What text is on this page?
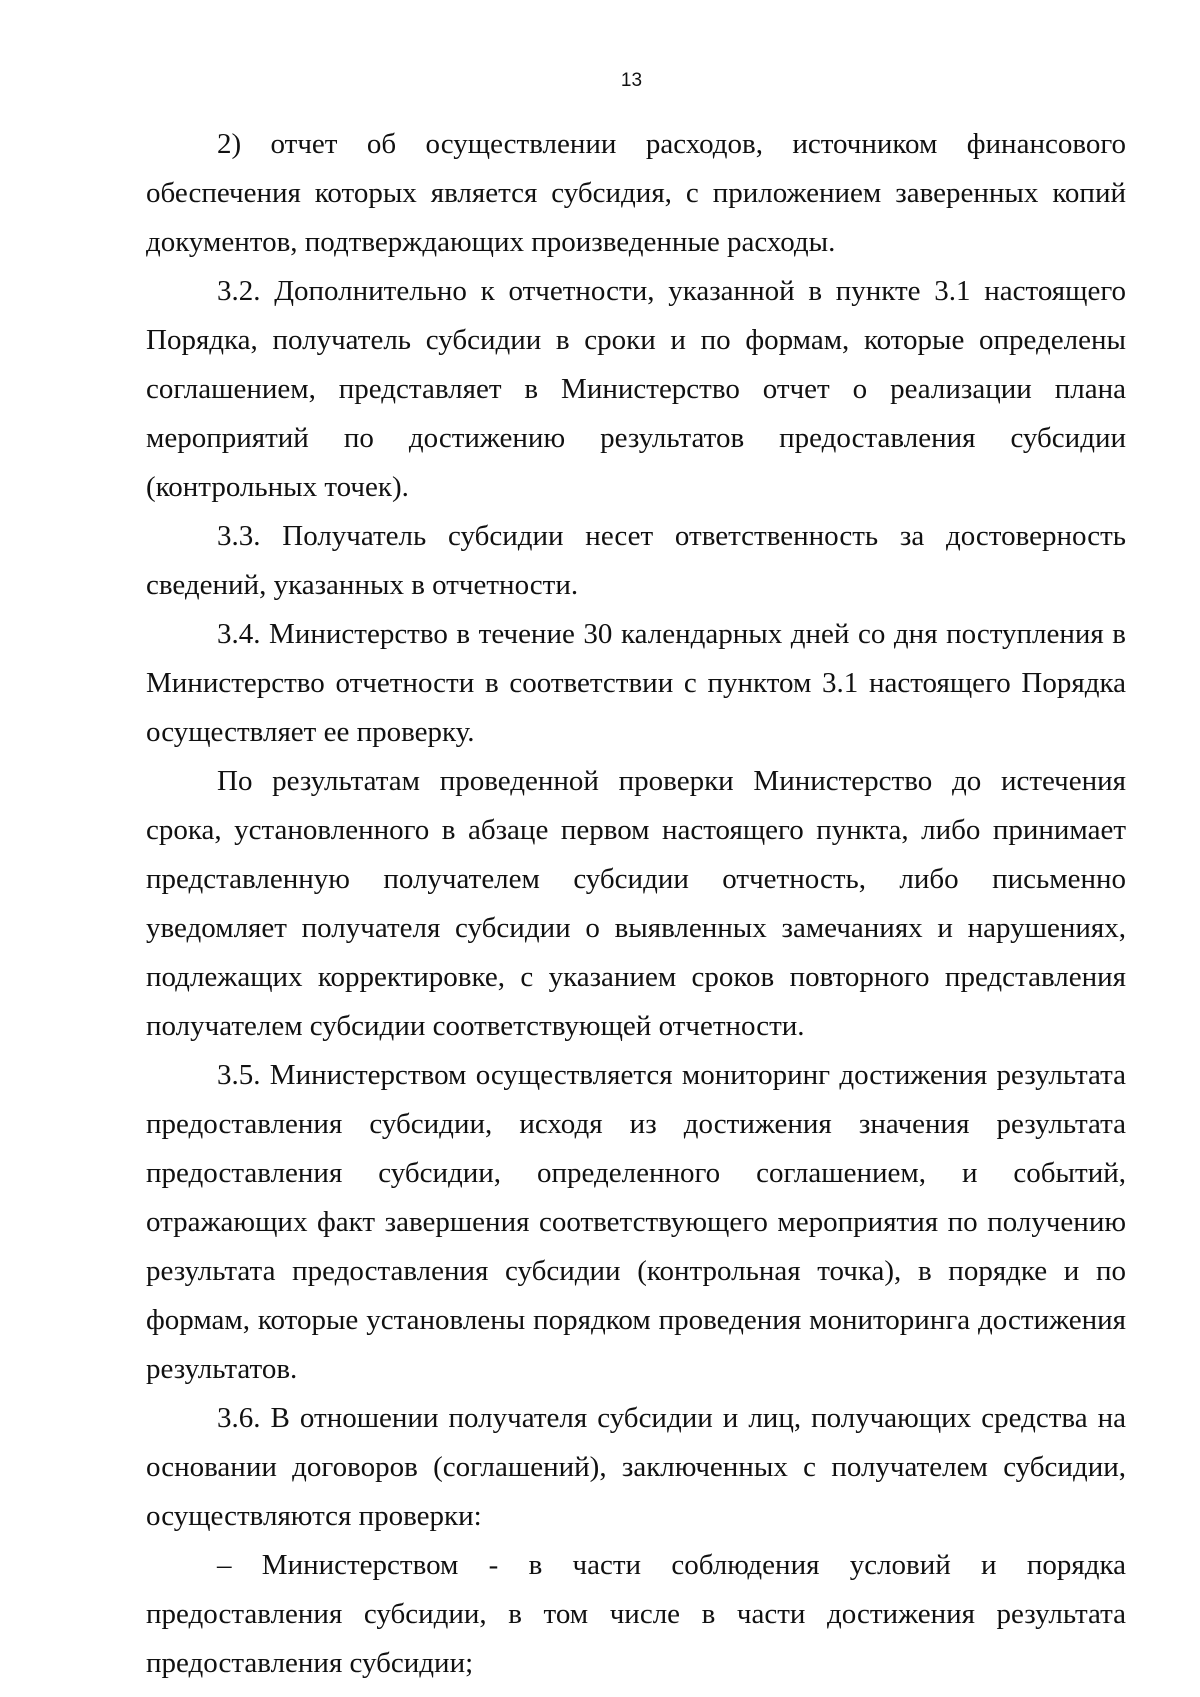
13

2) отчет об осуществлении расходов, источником финансового обеспечения которых является субсидия, с приложением заверенных копий документов, подтверждающих произведенные расходы.

3.2. Дополнительно к отчетности, указанной в пункте 3.1 настоящего Порядка, получатель субсидии в сроки и по формам, которые определены соглашением, представляет в Министерство отчет о реализации плана мероприятий по достижению результатов предоставления субсидии (контрольных точек).

3.3. Получатель субсидии несет ответственность за достоверность сведений, указанных в отчетности.

3.4. Министерство в течение 30 календарных дней со дня поступления в Министерство отчетности в соответствии с пунктом 3.1 настоящего Порядка осуществляет ее проверку.

По результатам проведенной проверки Министерство до истечения срока, установленного в абзаце первом настоящего пункта, либо принимает представленную получателем субсидии отчетность, либо письменно уведомляет получателя субсидии о выявленных замечаниях и нарушениях, подлежащих корректировке, с указанием сроков повторного представления получателем субсидии соответствующей отчетности.

3.5. Министерством осуществляется мониторинг достижения результата предоставления субсидии, исходя из достижения значения результата предоставления субсидии, определенного соглашением, и событий, отражающих факт завершения соответствующего мероприятия по получению результата предоставления субсидии (контрольная точка), в порядке и по формам, которые установлены порядком проведения мониторинга достижения результатов.

3.6. В отношении получателя субсидии и лиц, получающих средства на основании договоров (соглашений), заключенных с получателем субсидии, осуществляются проверки:

– Министерством - в части соблюдения условий и порядка предоставления субсидии, в том числе в части достижения результата предоставления субсидии;
